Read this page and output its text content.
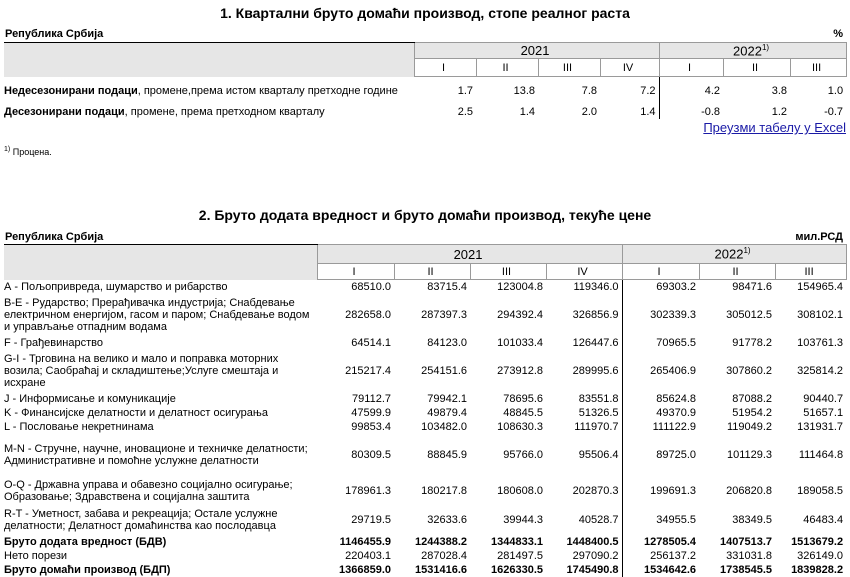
1. Квартални бруто домаћи производ, стопе реалног раста
Република Србија	%
	2021				2022$^{1)}$
	I	II	III	IV	I	II	III
Недесезонирани подаци, промене,према истом кварталу претходне године	1.7	13.8	7.8	7.2	4.2	3.8	1.0
Десезонирани подаци, промене, према претходном кварталу	2.5	1.4	2.0	1.4	-0.8	1.2	-0.7
Преузми табелу у Excel
$^{1)}$ Процена.
2. Бруто додата вредност и бруто домаћи производ, текуће цене
Република Србија	мил.РСД
	2021				2022$^{1)}$
	I	II	III	IV	I	II	III
А - Пољопривреда, шумарство и рибарство	68510.0	83715.4	123004.8	119346.0	69303.2	98471.6	154965.4
B-E - Рударство; Прерађивачка индустрија; Снабдевање електричном енергијом, гасом и паром; Снабдевање водом и управљање отпадним водама	282658.0	287397.3	294392.4	326856.9	302339.3	305012.5	308102.1
F - Грађевинарство	64514.1	84123.0	101033.4	126447.6	70965.5	91778.2	103761.3
G-I - Трговина на велико и мало и поправка моторних возила; Саобраћај и складиштење;Услуге смештаја и исхране	215217.4	254151.6	273912.8	289995.6	265406.9	307860.2	325814.2
J - Информисање и комуникације	79112.7	79942.1	78695.6	83551.8	85624.8	87088.2	90440.7
K - Финансијске делатности и делатност осигурања	47599.9	49879.4	48845.5	51326.5	49370.9	51954.2	51657.1
L - Пословање некретнинама	99853.4	103482.0	108630.3	111970.7	111122.9	119049.2	131931.7
M-N - Стручне, научне, иновационе и техничке делатности; Административне и помоћне услужне делатности	80309.5	88845.9	95766.0	95506.4	89725.0	101129.3	111464.8
O-Q - Државна управа и обавезно социјално осигурање; Образовање; Здравствена и социјална заштита	178961.3	180217.8	180608.0	202870.3	199691.3	206820.8	189058.5
R-T - Уметност, забава и рекреација; Остале услужне делатности; Делатност домаћинства као послодавца	29719.5	32633.6	39944.3	40528.7	34955.5	38349.5	46483.4
Бруто додата вредност (БДВ)	1146455.9	1244388.2	1344833.1	1448400.5	1278505.4	1407513.7	1513679.2
Нето порези	220403.1	287028.4	281497.5	297090.2	256137.2	331031.8	326149.0
Бруто домаћи производ (БДП)	1366859.0	1531416.6	1626330.5	1745490.8	1534642.6	1738545.5	1839828.2
